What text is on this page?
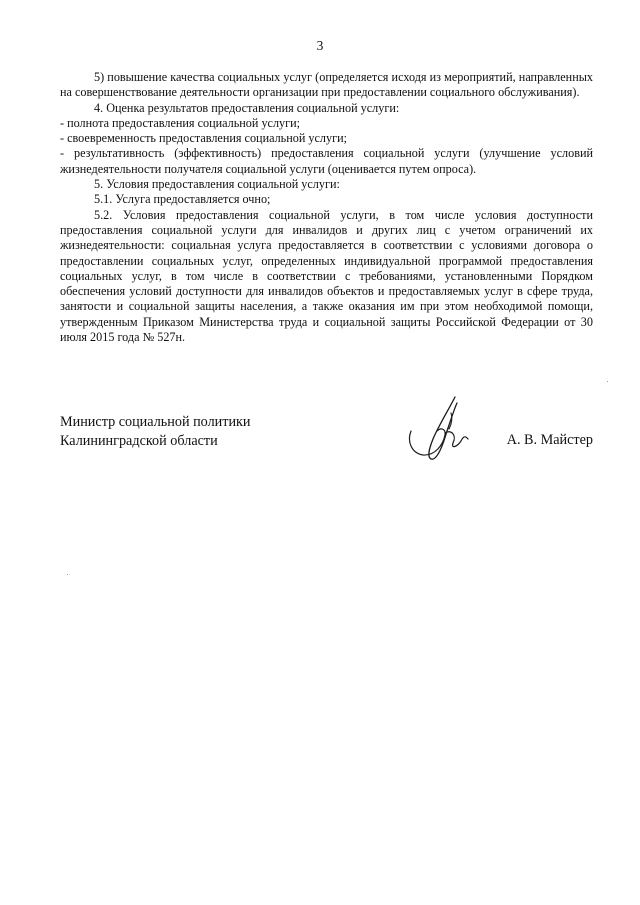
3

5) повышение качества социальных услуг (определяется исходя из мероприятий, направленных на совершенствование деятельности организации при предоставлении социального обслуживания).

4. Оценка результатов предоставления социальной услуги:

- полнота предоставления социальной услуги;

- своевременность предоставления социальной услуги;

- результативность (эффективность) предоставления социальной услуги (улучшение условий жизнедеятельности получателя социальной услуги (оценивается путем опроса).

5. Условия предоставления социальной услуги:

5.1. Услуга предоставляется очно;

5.2. Условия предоставления социальной услуги, в том числе условия доступности предоставления социальной услуги для инвалидов и других лиц с учетом ограничений их жизнедеятельности: социальная услуга предоставляется в соответствии с условиями договора о предоставлении социальных услуг, определенных индивидуальной программой предоставления социальных услуг, в том числе в соответствии с требованиями, установленными Порядком обеспечения условий доступности для инвалидов объектов и предоставляемых услуг в сфере труда, занятости и социальной защиты населения, а также оказания им при этом необходимой помощи, утвержденным Приказом Министерства труда и социальной защиты Российской Федерации от 30 июля 2015 года № 527н.

Министр социальной политики
Калининградской области	А. В. Майстер
